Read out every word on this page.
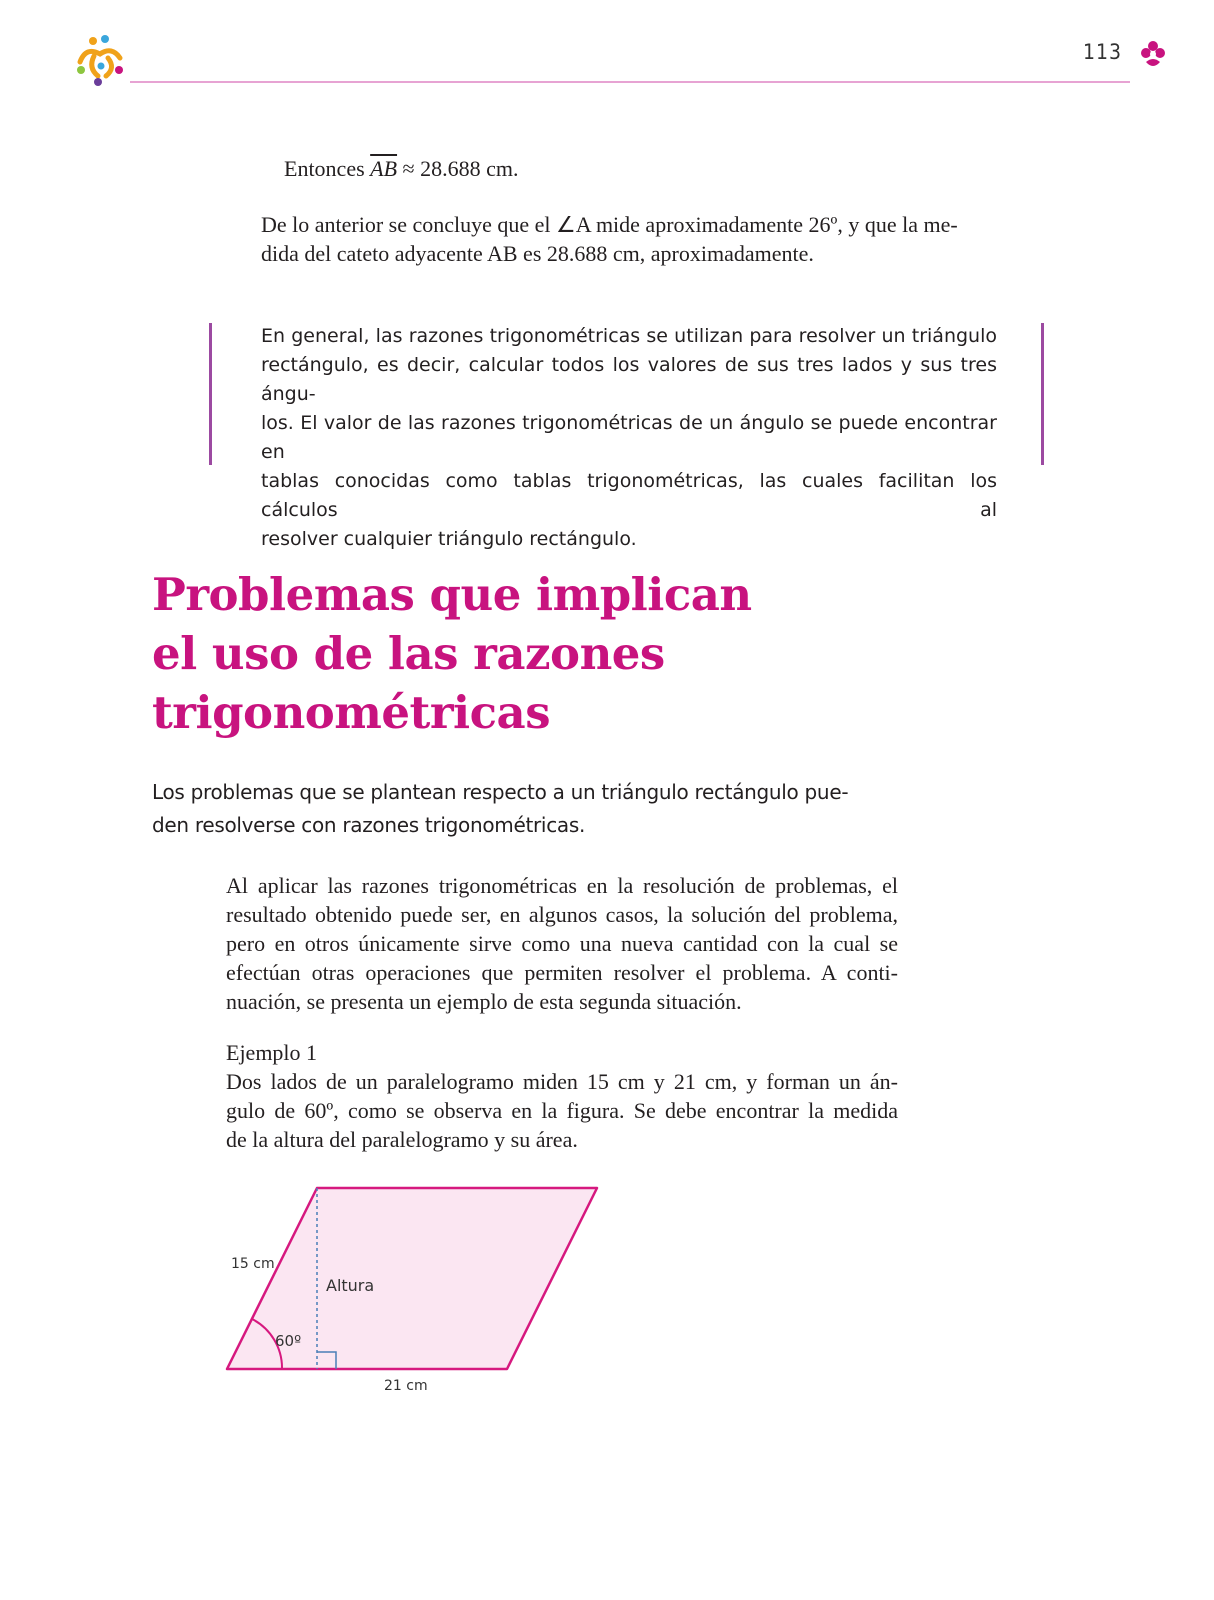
113
Entonces $\overline{AB} \approx 28.688$ cm.
De lo anterior se concluye que el ∠A mide aproximadamente 26º, y que la me-
dida del cateto adyacente AB es 28.688 cm, aproximadamente.
En general, las razones trigonométricas se utilizan para resolver un triángulo
rectángulo, es decir, calcular todos los valores de sus tres lados y sus tres ángu-
los. El valor de las razones trigonométricas de un ángulo se puede encontrar en
tablas conocidas como tablas trigonométricas, las cuales facilitan los cálculos al
resolver cualquier triángulo rectángulo.
Problemas que implican
el uso de las razones
trigonométricas
Los problemas que se plantean respecto a un triángulo rectángulo pue-
den resolverse con razones trigonométricas.
Al aplicar las razones trigonométricas en la resolución de problemas, el
resultado obtenido puede ser, en algunos casos, la solución del problema,
pero en otros únicamente sirve como una nueva cantidad con la cual se
efectúan otras operaciones que permiten resolver el problema. A conti-
nuación, se presenta un ejemplo de esta segunda situación.
Ejemplo 1
Dos lados de un paralelogramo miden 15 cm y 21 cm, y forman un án-
gulo de 60º, como se observa en la figura. Se debe encontrar la medida
de la altura del paralelogramo y su área.
15 cm
Altura
60º
21 cm
